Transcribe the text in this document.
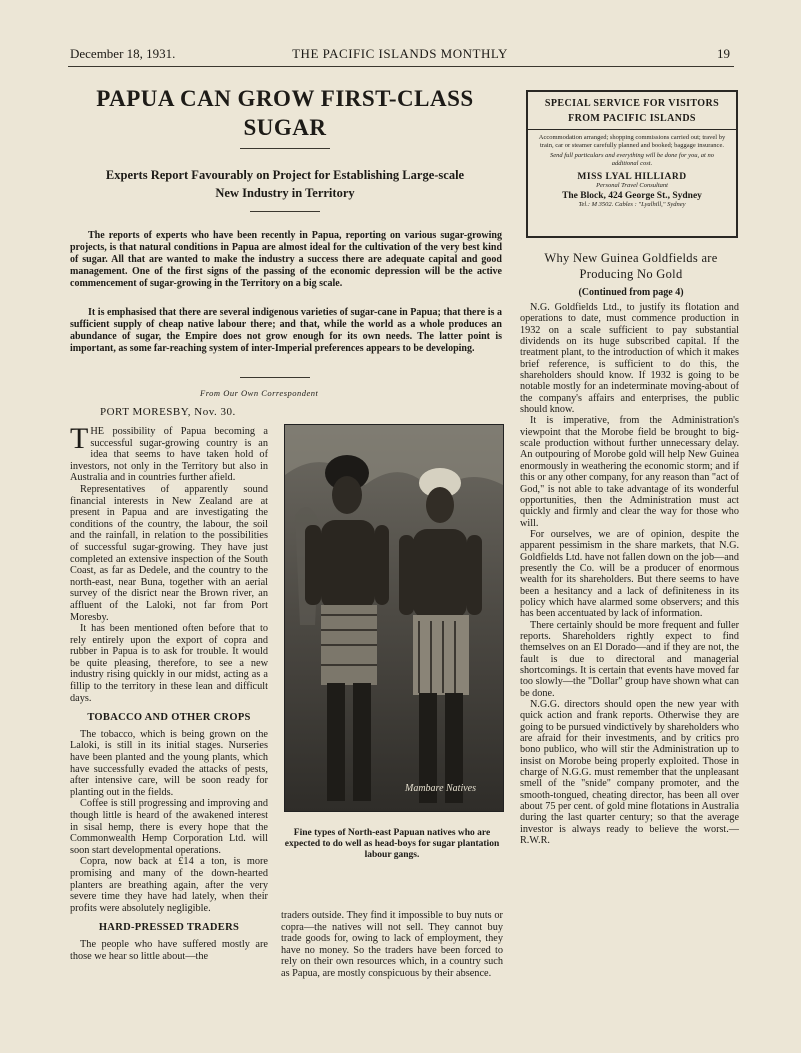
December 18, 1931.	THE PACIFIC ISLANDS MONTHLY	19
PAPUA CAN GROW FIRST-CLASS
SUGAR
Experts Report Favourably on Project for Establishing Large-scale
New Industry in Territory

The reports of experts who have been recently in Papua, reporting on various sugar-growing projects, is that natural conditions in Papua are almost ideal for the cultivation of the very best kind of sugar. All that are wanted to make the industry a success there are adequate capital and good management. One of the first signs of the passing of the economic depression will be the active commencement of sugar-growing in the Territory on a big scale.

It is emphasised that there are several indigenous varieties of sugar-cane in Papua; that there is a sufficient supply of cheap native labour there; and that, while the world as a whole produces an abundance of sugar, the Empire does not grow enough for its own needs. The latter point is important, as some far-reaching system of inter-Imperial preferences appears to be developing.

From Our Own Correspondent
PORT MORESBY, Nov. 30.

THE possibility of Papua becoming a successful sugar-growing country is an idea that seems to have taken hold of investors, not only in the Territory but also in Australia and in countries further afield.

Representatives of apparently sound financial interests in New Zealand are at present in Papua and are investigating the conditions of the country, the labour, the soil and the rainfall, in relation to the possibilities of successful sugar-growing. They have just completed an extensive inspection of the South Coast, as far as Dedele, and the country to the north-east, near Buna, together with an aerial survey of the disrict near the Brown river, an affluent of the Laloki, not far from Port Moresby.

It has been mentioned often before that to rely entirely upon the export of copra and rubber in Papua is to ask for trouble. It would be quite pleasing, therefore, to see a new industry rising quickly in our midst, acting as a fillip to the territory in these lean and difficult days.

TOBACCO AND OTHER CROPS

The tobacco, which is being grown on the Laloki, is still in its initial stages. Nurseries have been planted and the young plants, which have successfully evaded the attacks of pests, after intensive care, will be soon ready for planting out in the fields.

Coffee is still progressing and improving and though little is heard of the awakened interest in sisal hemp, there is every hope that the Commonwealth Hemp Corporation Ltd. will soon start developmental operations.

Copra, now back at £14 a ton, is more promising and many of the down-hearted planters are breathing again, after the very severe time they have had lately, when their profits were absolutely negligible.

HARD-PRESSED TRADERS

The people who have suffered mostly are those we hear so little about—the

Mambare Natives
Fine types of North-east Papuan natives who are expected to do well as head-boys for sugar plantation labour gangs.

traders outside. They find it impossible to buy nuts or copra—the natives will not sell. They cannot buy trade goods for, owing to lack of employment, they have no money. So the traders have been forced to rely on their own resources which, in a country such as Papua, are mostly conspicuous by their absence.

SPECIAL SERVICE FOR VISITORS
FROM PACIFIC ISLANDS
Accommodation arranged; shopping commissions carried out; travel by train, car or steamer carefully planned and booked; baggage insurance.
Send full particulars and everything will be done for you, at no additional cost.
MISS LYAL HILLIARD
Personal Travel Consultant
The Block, 424 George St., Sydney
Tel.: M 3502. Cables : "Lyalhill," Sydney
Why New Guinea Goldfields are
Producing No Gold
(Continued from page 4)

N.G. Goldfields Ltd., to justify its flotation and operations to date, must commence production in 1932 on a scale sufficient to pay substantial dividends on its huge subscribed capital. If the treatment plant, to the introduction of which it makes brief reference, is sufficient to do this, the shareholders should know. If 1932 is going to be notable mostly for an indeterminate moving-about of the company's affairs and enterprises, the public should know.

It is imperative, from the Administration's viewpoint that the Morobe field be brought to big-scale production without further unnecessary delay. An outpouring of Morobe gold will help New Guinea enormously in weathering the economic storm; and if this or any other company, for any reason than "act of God," is not able to take advantage of its wonderful opportunities, then the Administration must act quickly and firmly and clear the way for those who will.

For ourselves, we are of opinion, despite the apparent pessimism in the share markets, that N.G. Goldfields Ltd. have not fallen down on the job—and presently the Co. will be a producer of enormous wealth for its shareholders. But there seems to have been a hesitancy and a lack of definiteness in its policy which have alarmed some observers; and this has been accentuated by lack of information.

There certainly should be more frequent and fuller reports. Shareholders rightly expect to find themselves on an El Dorado—and if they are not, the fault is due to directoral and managerial shortcomings. It is certain that events have moved far too slowly—the "Dollar" group have shown what can be done.

N.G.G. directors should open the new year with quick action and frank reports. Otherwise they are going to be pursued vindictively by shareholders who are afraid for their investments, and by critics pro bono publico, who will stir the Administration up to insist on Morobe being properly exploited. Those in charge of N.G.G. must remember that the unpleasant smell of the "snide" company promoter, and the smooth-tongued, cheating director, has been all over about 75 per cent. of gold mine flotations in Australia during the last quarter century; so that the average investor is always ready to believe the worst.—R.W.R.
